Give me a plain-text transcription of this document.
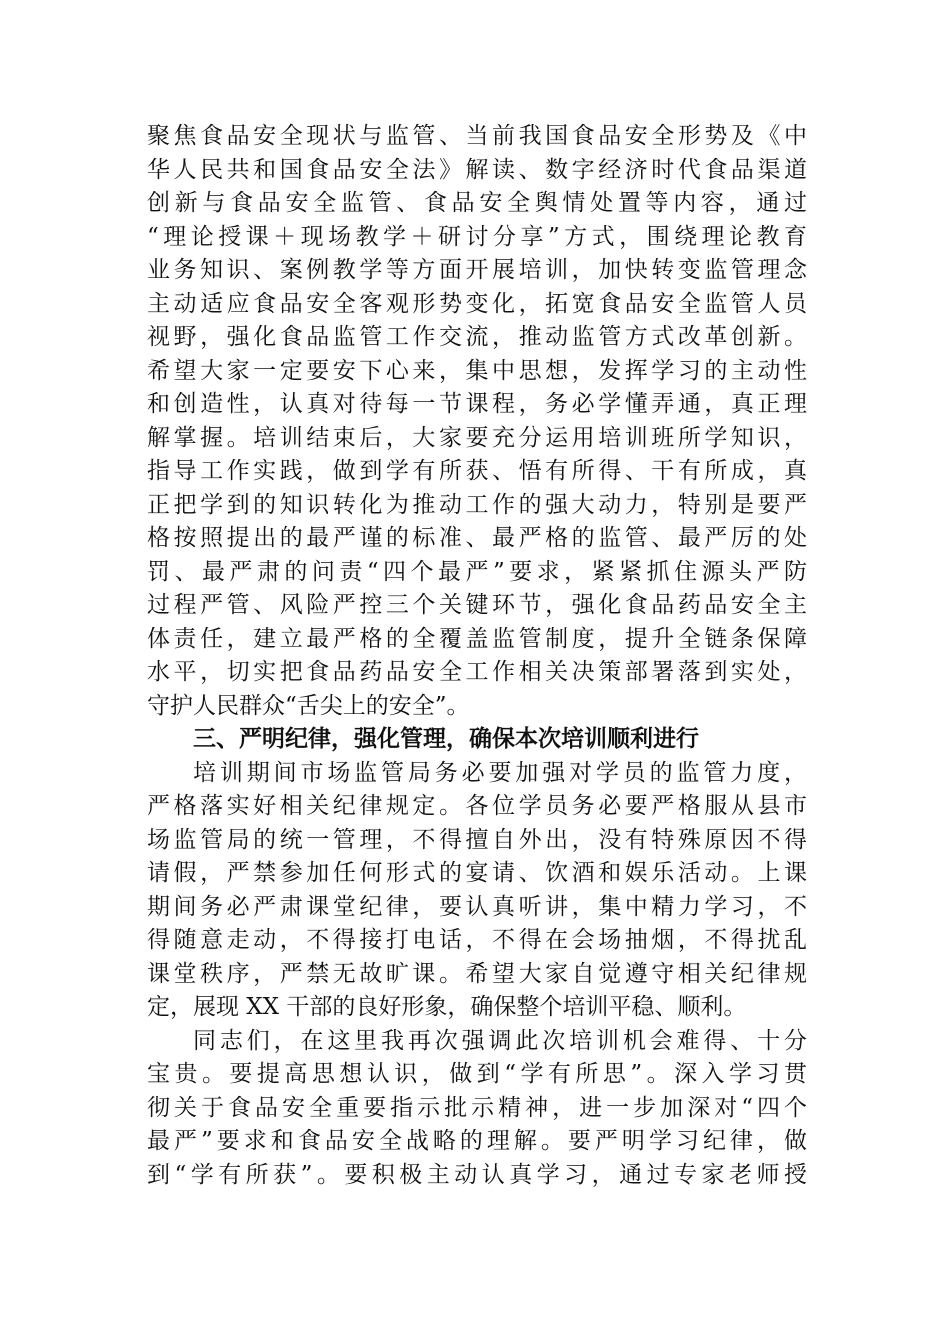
聚焦食品安全现状与监管、当前我国食品安全形势及《中
华人民共和国食品安全法》解读、数字经济时代食品渠道
创新与食品安全监管、食品安全舆情处置等内容，通过
“理论授课＋现场教学＋研讨分享”方式，围绕理论教育
业务知识、案例教学等方面开展培训，加快转变监管理念
主动适应食品安全客观形势变化，拓宽食品安全监管人员
视野，强化食品监管工作交流，推动监管方式改革创新。
希望大家一定要安下心来，集中思想，发挥学习的主动性
和创造性，认真对待每一节课程，务必学懂弄通，真正理
解掌握。培训结束后，大家要充分运用培训班所学知识，
指导工作实践，做到学有所获、悟有所得、干有所成，真
正把学到的知识转化为推动工作的强大动力，特别是要严
格按照提出的最严谨的标准、最严格的监管、最严厉的处
罚、最严肃的问责“四个最严”要求，紧紧抓住源头严防
过程严管、风险严控三个关键环节，强化食品药品安全主
体责任，建立最严格的全覆盖监管制度，提升全链条保障
水平，切实把食品药品安全工作相关决策部署落到实处，
守护人民群众“舌尖上的安全”。
三、严明纪律，强化管理，确保本次培训顺利进行
培训期间市场监管局务必要加强对学员的监管力度，
严格落实好相关纪律规定。各位学员务必要严格服从县市
场监管局的统一管理，不得擅自外出，没有特殊原因不得
请假，严禁参加任何形式的宴请、饮酒和娱乐活动。上课
期间务必严肃课堂纪律，要认真听讲，集中精力学习，不
得随意走动，不得接打电话，不得在会场抽烟，不得扰乱
课堂秩序，严禁无故旷课。希望大家自觉遵守相关纪律规
定，展现 XX 干部的良好形象，确保整个培训平稳、顺利。
同志们，在这里我再次强调此次培训机会难得、十分
宝贵。要提高思想认识，做到“学有所思”。深入学习贯
彻关于食品安全重要指示批示精神，进一步加深对“四个
最严”要求和食品安全战略的理解。要严明学习纪律，做
到“学有所获”。要积极主动认真学习，通过专家老师授
